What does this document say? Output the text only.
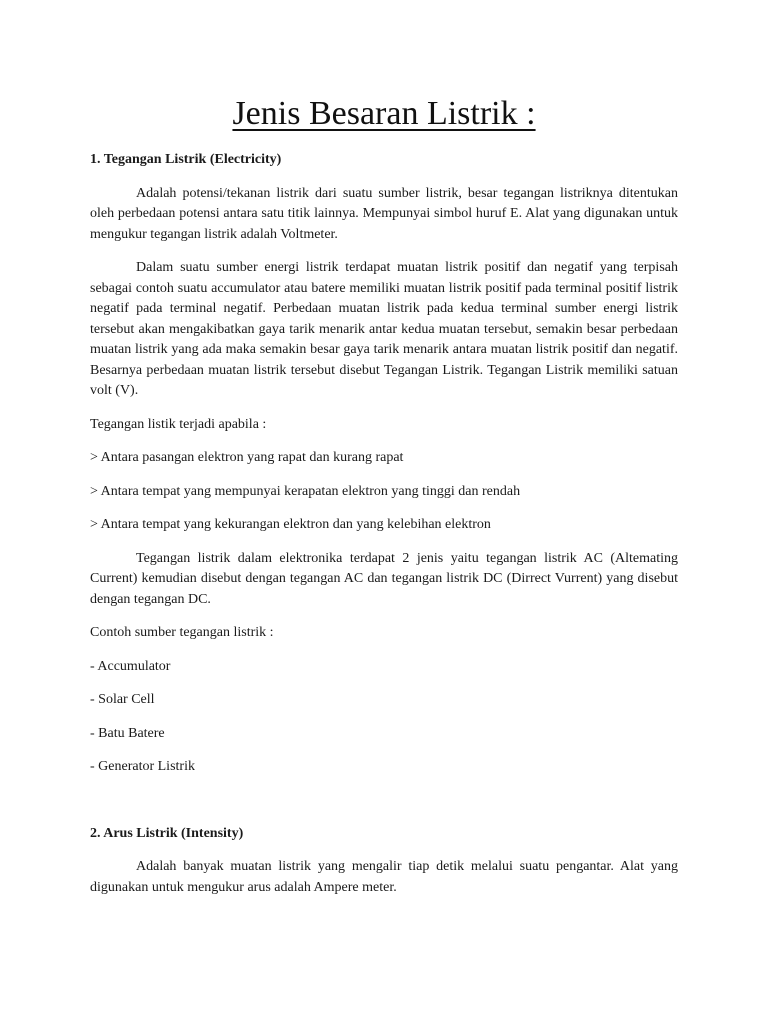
Jenis Besaran Listrik :

1. Tegangan Listrik (Electricity)

Adalah potensi/tekanan listrik dari suatu sumber listrik, besar tegangan listriknya ditentukan oleh perbedaan potensi antara satu titik lainnya. Mempunyai simbol huruf E. Alat yang digunakan untuk mengukur tegangan listrik adalah Voltmeter.

Dalam suatu sumber energi listrik terdapat muatan listrik positif dan negatif yang terpisah sebagai contoh suatu accumulator atau batere memiliki muatan listrik positif pada terminal positif listrik negatif pada terminal negatif. Perbedaan muatan listrik pada kedua terminal sumber energi listrik tersebut akan mengakibatkan gaya tarik menarik antar kedua muatan tersebut, semakin besar perbedaan muatan listrik yang ada maka semakin besar gaya tarik menarik antara muatan listrik positif dan negatif. Besarnya perbedaan muatan listrik tersebut disebut Tegangan Listrik. Tegangan Listrik memiliki satuan volt (V).

Tegangan listik terjadi apabila :

> Antara pasangan elektron yang rapat dan kurang rapat

> Antara tempat yang mempunyai kerapatan elektron yang tinggi dan rendah

> Antara tempat yang kekurangan elektron dan yang kelebihan elektron

Tegangan listrik dalam elektronika terdapat 2 jenis yaitu tegangan listrik AC (Altemating Current) kemudian disebut dengan tegangan AC dan tegangan listrik DC (Dirrect Vurrent) yang disebut dengan tegangan DC.

Contoh sumber tegangan listrik :

- Accumulator

- Solar Cell

- Batu Batere

- Generator Listrik

2. Arus Listrik (Intensity)

Adalah banyak muatan listrik yang mengalir tiap detik melalui suatu pengantar. Alat yang digunakan untuk mengukur arus adalah Ampere meter.
